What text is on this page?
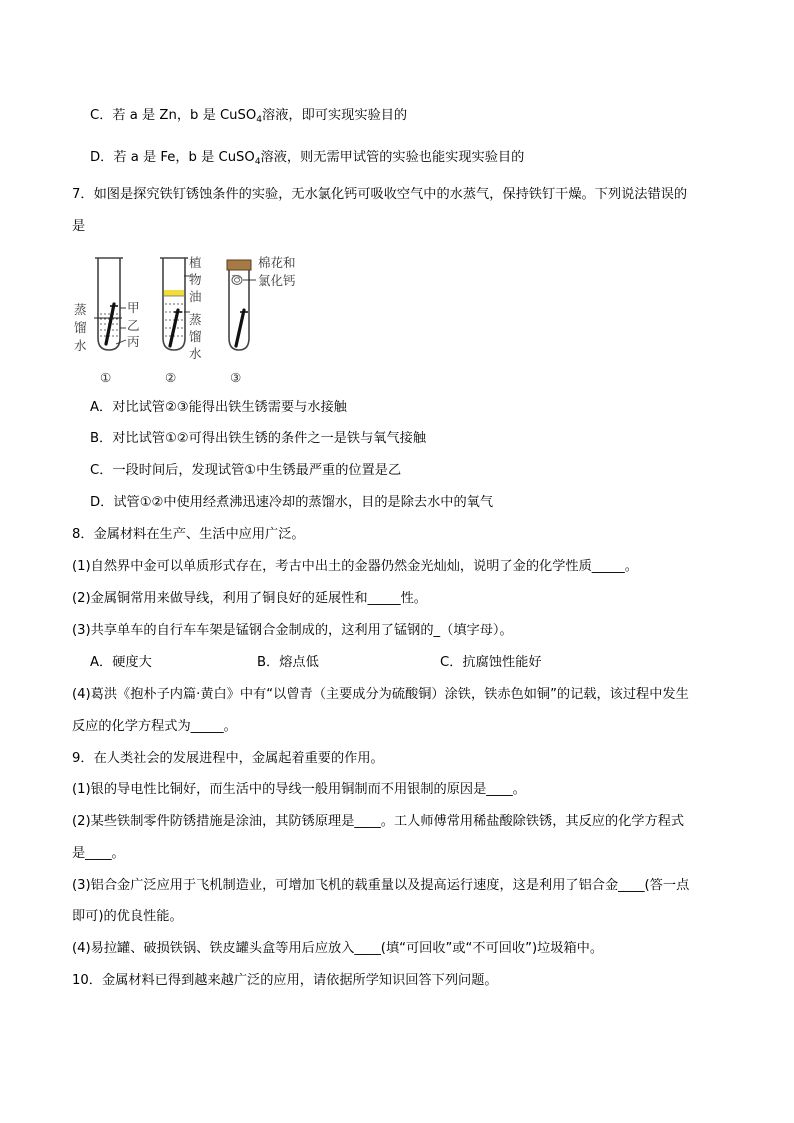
C．若 a 是 Zn，b 是 CuSO$_4$溶液，即可实现实验目的
D．若 a 是 Fe，b 是 CuSO$_4$溶液，则无需甲试管的实验也能实现实验目的
7．如图是探究铁钉锈蚀条件的实验，无水氯化钙可吸收空气中的水蒸气，保持铁钉干燥。下列说法错误的
是
蒸
馏
水
甲
乙
丙
①
植
物
油
蒸
馏
水
②
棉花和
氯化钙
③
A．对比试管②③能得出铁生锈需要与水接触
B．对比试管①②可得出铁生锈的条件之一是铁与氧气接触
C．一段时间后，发现试管①中生锈最严重的位置是乙
D．试管①②中使用经煮沸迅速冷却的蒸馏水，目的是除去水中的氧气
8．金属材料在生产、生活中应用广泛。
(1)自然界中金可以单质形式存在，考古中出土的金器仍然金光灿灿，说明了金的化学性质_____。
(2)金属铜常用来做导线，利用了铜良好的延展性和_____性。
(3)共享单车的自行车车架是锰钢合金制成的，这利用了锰钢的_（填字母）。
A．硬度大	B．熔点低	C．抗腐蚀性能好
(4)葛洪《抱朴子内篇·黄白》中有“以曾青（主要成分为硫酸铜）涂铁，铁赤色如铜”的记载，该过程中发生
反应的化学方程式为_____。
9．在人类社会的发展进程中，金属起着重要的作用。
(1)银的导电性比铜好，而生活中的导线一般用铜制而不用银制的原因是____。
(2)某些铁制零件防锈措施是涂油，其防锈原理是____。工人师傅常用稀盐酸除铁锈，其反应的化学方程式
是____。
(3)铝合金广泛应用于飞机制造业，可增加飞机的载重量以及提高运行速度，这是利用了铝合金____(答一点
即可)的优良性能。
(4)易拉罐、破损铁锅、铁皮罐头盒等用后应放入____(填“可回收”或“不可回收”)垃圾箱中。
10．金属材料已得到越来越广泛的应用，请依据所学知识回答下列问题。
